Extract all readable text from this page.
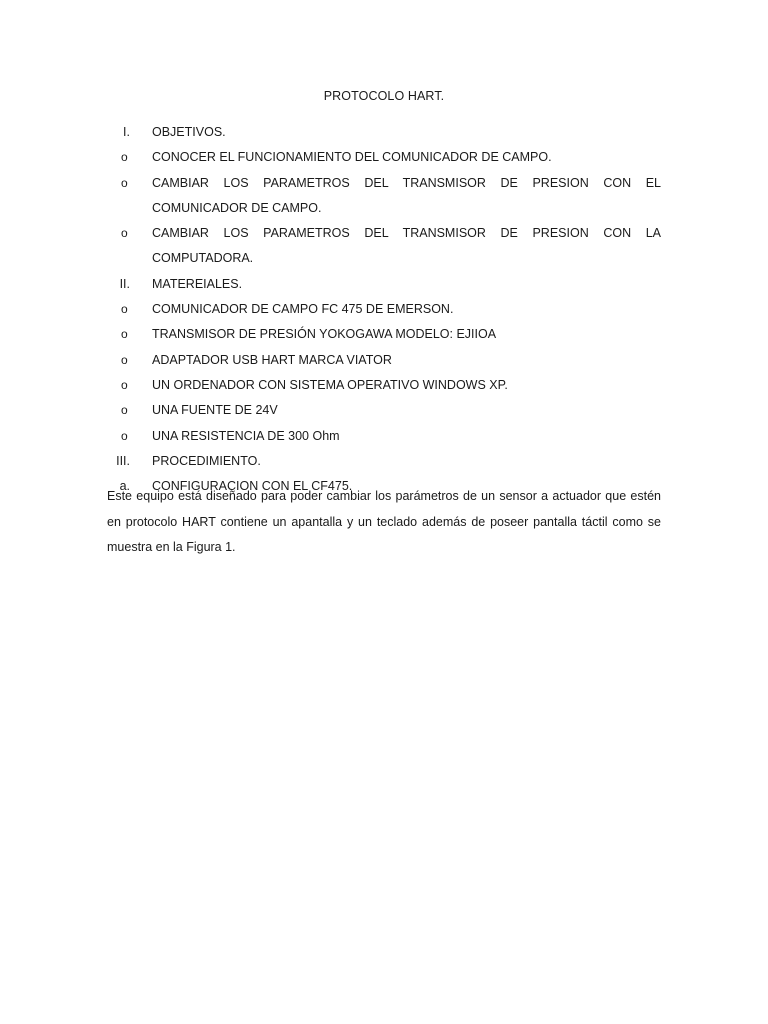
PROTOCOLO HART.
I. OBJETIVOS.
o	CONOCER EL FUNCIONAMIENTO DEL COMUNICADOR DE CAMPO.
o	CAMBIAR LOS PARAMETROS DEL TRANSMISOR DE PRESION CON EL COMUNICADOR DE CAMPO.
o	CAMBIAR LOS PARAMETROS DEL TRANSMISOR DE PRESION CON LA COMPUTADORA.
II. MATEREIALES.
o	COMUNICADOR DE CAMPO FC 475 DE EMERSON.
o	TRANSMISOR DE PRESIÓN YOKOGAWA MODELO: EJIIOA
o	ADAPTADOR USB HART MARCA VIATOR
o	UN ORDENADOR CON SISTEMA OPERATIVO WINDOWS XP.
o	UNA FUENTE DE 24V
o	UNA RESISTENCIA DE 300 Ohm
III. PROCEDIMIENTO.
a. CONFIGURACION CON EL CF475.

Este equipo está diseñado para poder cambiar los parámetros de un sensor a actuador que estén en protocolo HART contiene un apantalla y un teclado además de poseer pantalla táctil como se muestra en la Figura 1.
